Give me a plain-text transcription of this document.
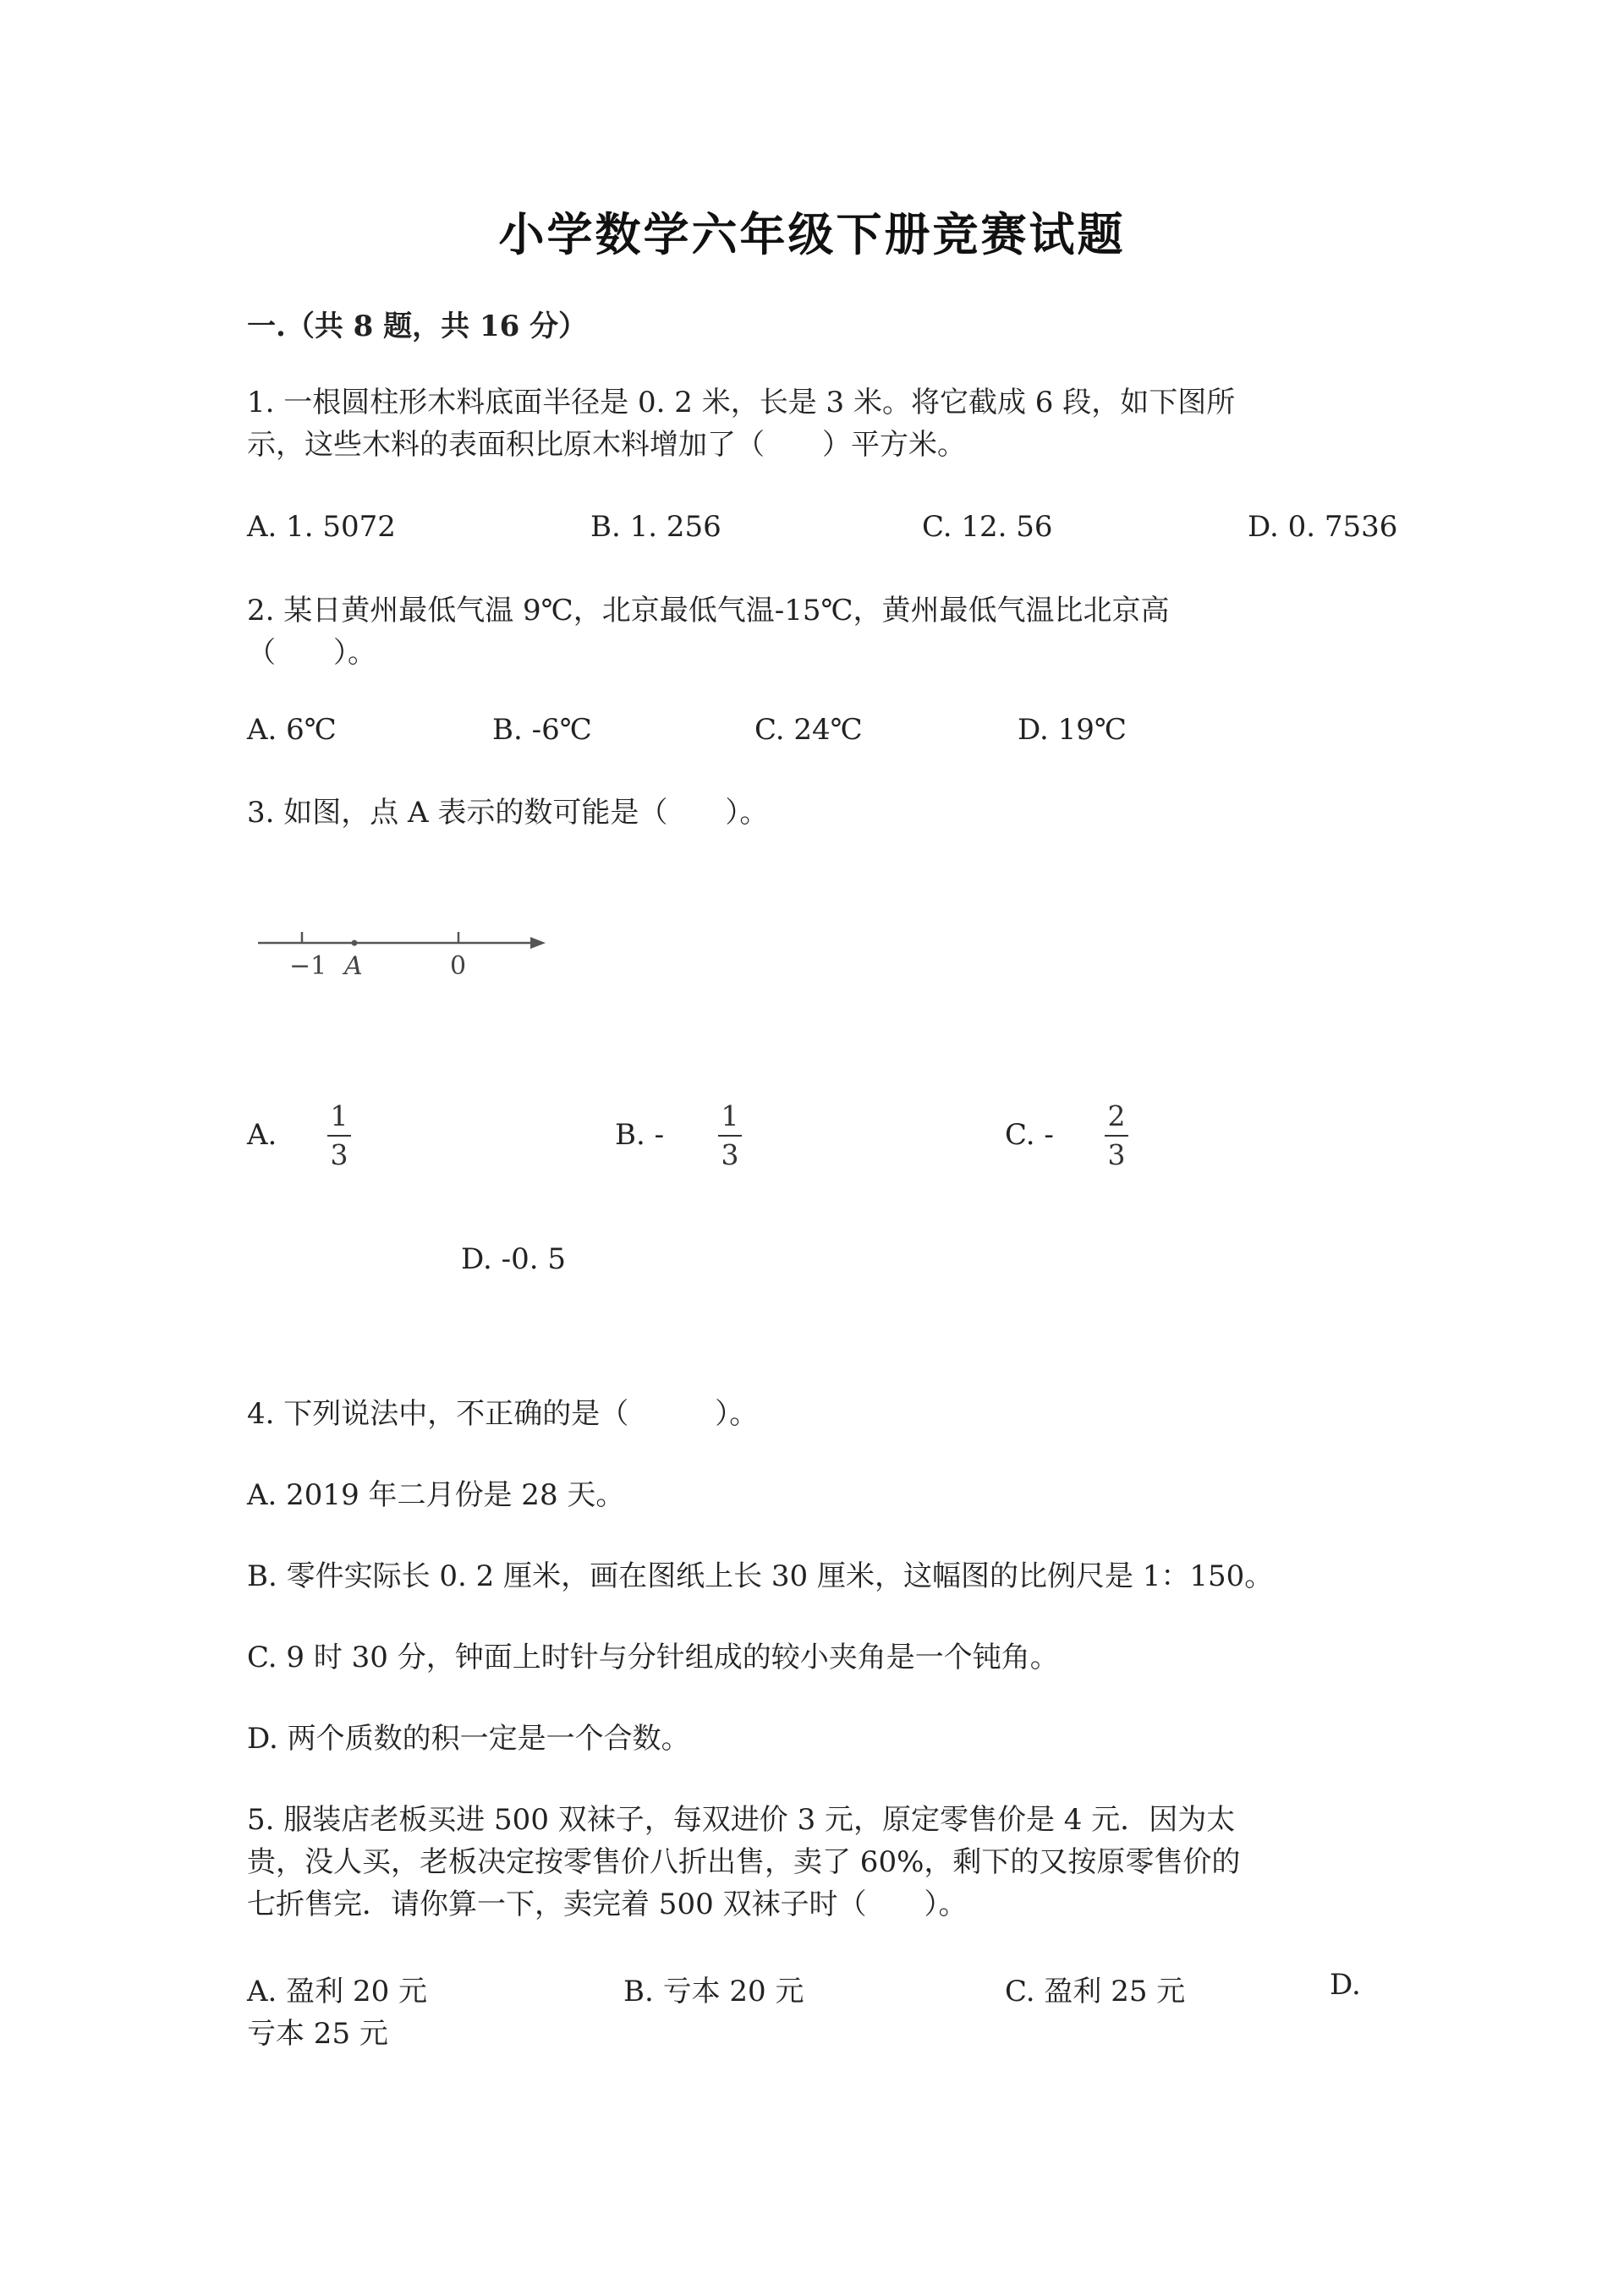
小学数学六年级下册竞赛试题
一.（共 8 题，共 16 分）
1. 一根圆柱形木料底面半径是 0. 2 米，长是 3 米。将它截成 6 段，如下图所
示，这些木料的表面积比原木料增加了（　　）平方米。
A. 1. 5072	B. 1. 256	C. 12. 56	D. 0. 7536
2. 某日黄州最低气温 9℃，北京最低气温-15℃，黄州最低气温比北京高
（　　）。
A. 6℃	B. -6℃	C. 24℃	D. 19℃
3. 如图，点 A 表示的数可能是（　　）。
−1 A	0
A.
1
3
B. -
1
3
C. -
2
3
D. -0. 5
4. 下列说法中，不正确的是（　　　）。
A. 2019 年二月份是 28 天。
B. 零件实际长 0. 2 厘米，画在图纸上长 30 厘米，这幅图的比例尺是 1：150。
C. 9 时 30 分，钟面上时针与分针组成的较小夹角是一个钝角。
D. 两个质数的积一定是一个合数。
5. 服装店老板买进 500 双袜子，每双进价 3 元，原定零售价是 4 元．因为太
贵，没人买，老板决定按零售价八折出售，卖了 60%，剩下的又按原零售价的
七折售完．请你算一下，卖完着 500 双袜子时（　　）。
A. 盈利 20 元	B. 亏本 20 元	C. 盈利 25 元	D.
亏本 25 元
